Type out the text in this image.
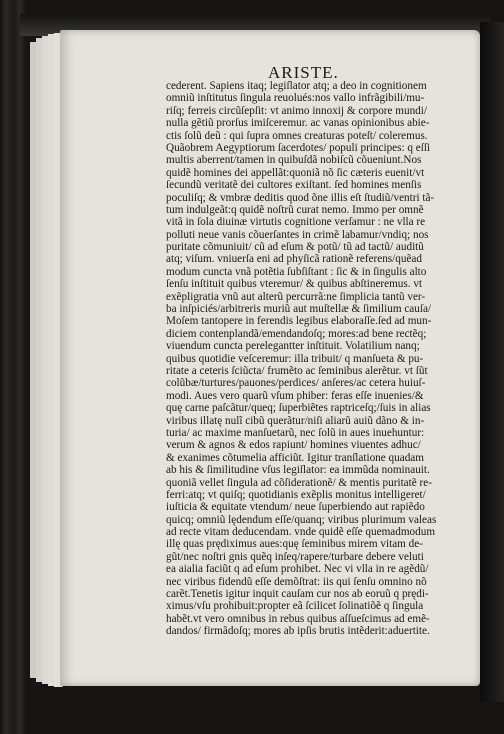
ARISTE.
cederent. Sapiens itaq; legiſlator atq; a deo in cognitionem
omniũ inſtitutus ſingula reuolués:nos vallo infrãgibili/mu-
riſq; ferreis circũſepſit: vt animo innoxij & corpore mundi/
nulla gẽtiũ prorſus imiſceremur. ac vanas opinionibus abie-
ctis ſolũ deũ : qui ſupra omnes creaturas poteſt/ coleremus.
Quãobrem Aegyptiorum ſacerdotes/ populi principes: q eſſi
multis aberrent/tamen in quibuſdã nobiſcũ cõueniunt.Nos
quidẽ homines dei appellãt:quoniã nõ ſic cæteris euenit/vt
ſecundũ veritatẽ dei cultores exiſtant. ſed homines menſis
poculiſq; & vmbræ deditis quod õne illis eſt ſtudiũ/ventri tã-
tum indulgeãt:q quidẽ noſtrũ curat nemo. Immo per omnẽ
vitã in ſola diuinæ virtutis cognitione verſamur : ne vlla re
polluti neue vanis cõuerſantes in crimẽ labamur/vndiq; nos
puritate cõmuniuit/ cũ ad eſum & potũ/ tũ ad tactũ/ auditũ
atq; viſum. vniuerſa eni ad phyſicã rationẽ referens/quẽad
modum cuncta vnã potẽtia ſubſiſtant : ſic & in ſingulis alto
ſenſu inſtituit quibus vteremur/ & quibus abſtineremus. vt
exẽpligratia vnũ aut alterũ percurrã:ne ſimplicia tantũ ver-
ba inſpiciés/arbitreris muriũ aut muſtellæ & ſimilium cauſa/
Moſem tantopere in ferendis legibus elaboraſſe.ſed ad mun-
diciem contenplandã/emendandoſq; mores:ad bene rectẽq;
viuendum cuncta perelegantter inſtituit. Volatilium nanq;
quibus quotidie veſceremur: illa tribuit/ q manſueta & pu-
ritate a ceteris ſciũcta/ frumẽto ac ſeminibus alerẽtur. vt ſũt
colũbæ/turtures/pauones/perdices/ anſeres/ac cetera huiuſ-
modi. Aues vero quarũ vſum phiber: feras eſſe inuenies/&
quę carne paſcãtur/queq; ſuperbiẽtes raptriceſq;/ſuis in alias
viribus illatę nulĩ cibũ querãtur/niſi aliarũ auiũ dãno & in-
turia/ ac maxime manſuetarũ, nec ſolũ in aues inuehuntur:
verum & agnos & edos rapiunt/ homines viuentes adhuc/
& exanimes cõtumelia afficiũt. Igitur tranſlatione quadam
ab his & ſimilitudine vſus legiſlator: ea immũda nominauit.
quoniã vellet ſingula ad cõſiderationẽ/ & mentis puritatẽ re-
ferri:atq; vt quiſq; quotidianis exẽplis monitus intelligeret/
iuſticia & equitate vtendum/ neue ſuperbiendo aut rapiẽdo
quicq; omniũ lędendum eſſe/quanq; viribus plurimum valeas
ad recte vitam deducendam. vnde quidẽ eſſe quemadmodum
illę quas prędiximus aues:quę ſeminibus mirem vitam de-
gũt/nec noſtri gnis quẽq inſeq/rapere/turbare debere veluti
ea aialia faciũt q ad eſum prohibet. Nec vi vlla in re agẽdũ/
nec viribus fidendũ eſſe demõſtrat: iis qui ſenſu omnino nõ
carẽt.Tenetis igitur inquit cauſam cur nos ab eoruũ q prędi-
ximus/vſu prohibuit:propter eã ſcilicet ſolinatiõẽ q ſingula
habẽt.vt vero omnibus in rebus quibus aſſueſcimus ad emẽ-
dandos/ firmãdoſq; mores ab ipſis brutis intẽderit:aduertite.
